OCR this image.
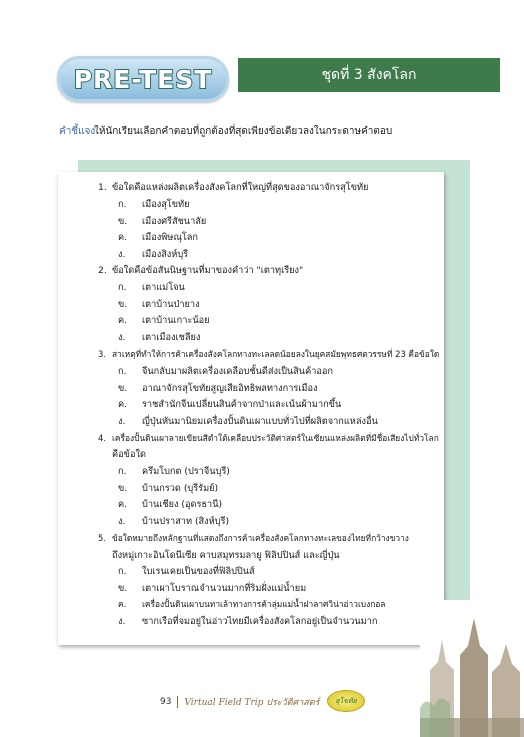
PRE-TEST	ชุดที่ 3 สังคโลก
คำชี้แจง
ให้นักเรียนเลือกคำตอบที่ถูกต้องที่สุดเพียงข้อเดียวลงในกระดาษคำตอบ
1. ข้อใดคือแหล่งผลิตเครื่องสังคโลกที่ใหญ่ที่สุดของอาณาจักรสุโขทัย
ก. เมืองสุโขทัย
ข. เมืองศรีสัชนาลัย
ค. เมืองพิษณุโลก
ง. เมืองสิงห์บุรี
2. ข้อใดคือข้อสันนิษฐานที่มาของคำว่า "เตาทุเรียง"
ก. เตาแม่โจน
ข. เตาบ้านป่ายาง
ค. เตาบ้านเกาะน้อย
ง. เตาเมืองเชลียง
3. สาเหตุที่ทำให้การค้าเครื่องสังคโลกทางทะเลลดน้อยลงในยุคสมัยพุทธศตวรรษที่ 23 คือข้อใด
ก. จีนกลับมาผลิตเครื่องเคลือบชั้นดีส่งเป็นสินค้าออก
ข. อาณาจักรสุโขทัยสูญเสียอิทธิพลทางการเมือง
ค. ราชสำนักจีนเปลี่ยนสินค้าจากป่าและเน้นผ้ามากขึ้น
ง. ญี่ปุ่นหันมานิยมเครื่องปั้นดินเผาแบบทั่วไปที่ผลิตจากแหล่งอื่น
4. เครื่องปั้นดินเผาลายเขียนสีดำใต้เคลือบประวัติศาสตร์ในเซียนแหล่งผลิตที่มีชื่อเสียงไปทั่วโลก
คือข้อใด
ก. ครึมโบกต (ปราจีนบุรี)
ข. บ้านกรวด (บุรีรัมย์)
ค. บ้านเชียง (อุดรธานี)
ง. บ้านปราสาท (สิงห์บุรี)
5. ข้อใดหมายถึงหลักฐานที่แสดงถึงการค้าเครื่องสังคโลกทางทะเลของไทยที่กว้างขวาง
ถึงหมู่เกาะอินโดนีเซีย คาบสมุทรมลายู ฟิลิปปินส์ และญี่ปุ่น
ก. ใบเรนเคยเป็นของที่ฟิลิปปินส์
ข. เตาเผาโบราณจำนวนมากที่ริมฝั่งแม่น้ำยม
ค. เครื่องปั้นดินเผาบนทาเล้าทางการค้าลุ่มแม่น้ำฝาลาศวิน่าอ่าวเบงกอล
ง. ซากเรือที่จมอยู่ในอ่าวไทยมีเครื่องสังคโลกอยู่เป็นจำนวนมาก
93 Virtual Field Trip ประวัติศาสตร์ สุโขทัย
